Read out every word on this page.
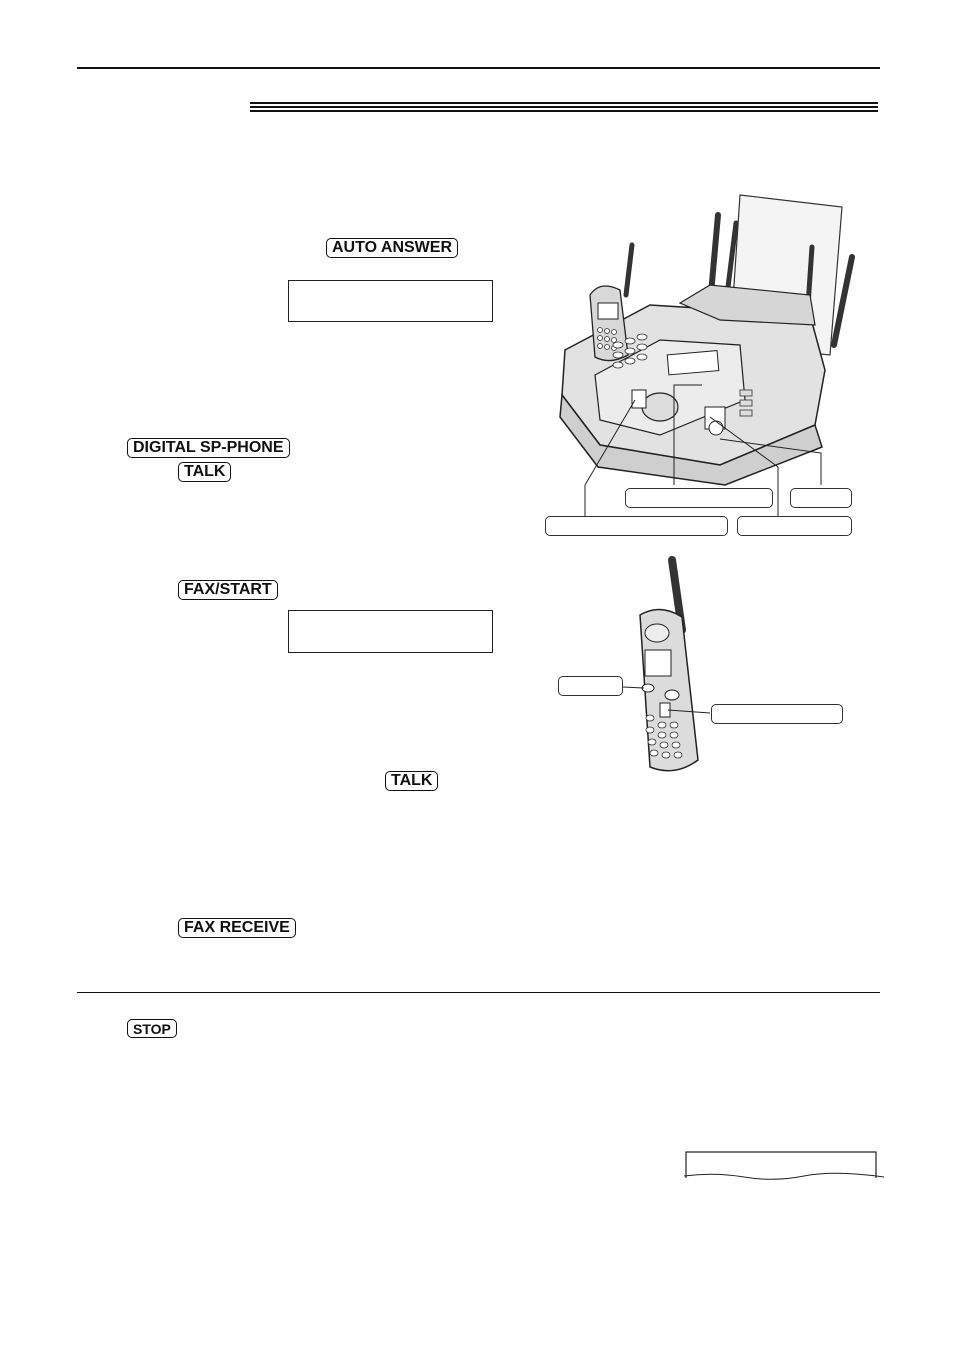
AUTO ANSWER
DIGITAL SP-PHONE
TALK
FAX/START
TALK
FAX RECEIVE
STOP
